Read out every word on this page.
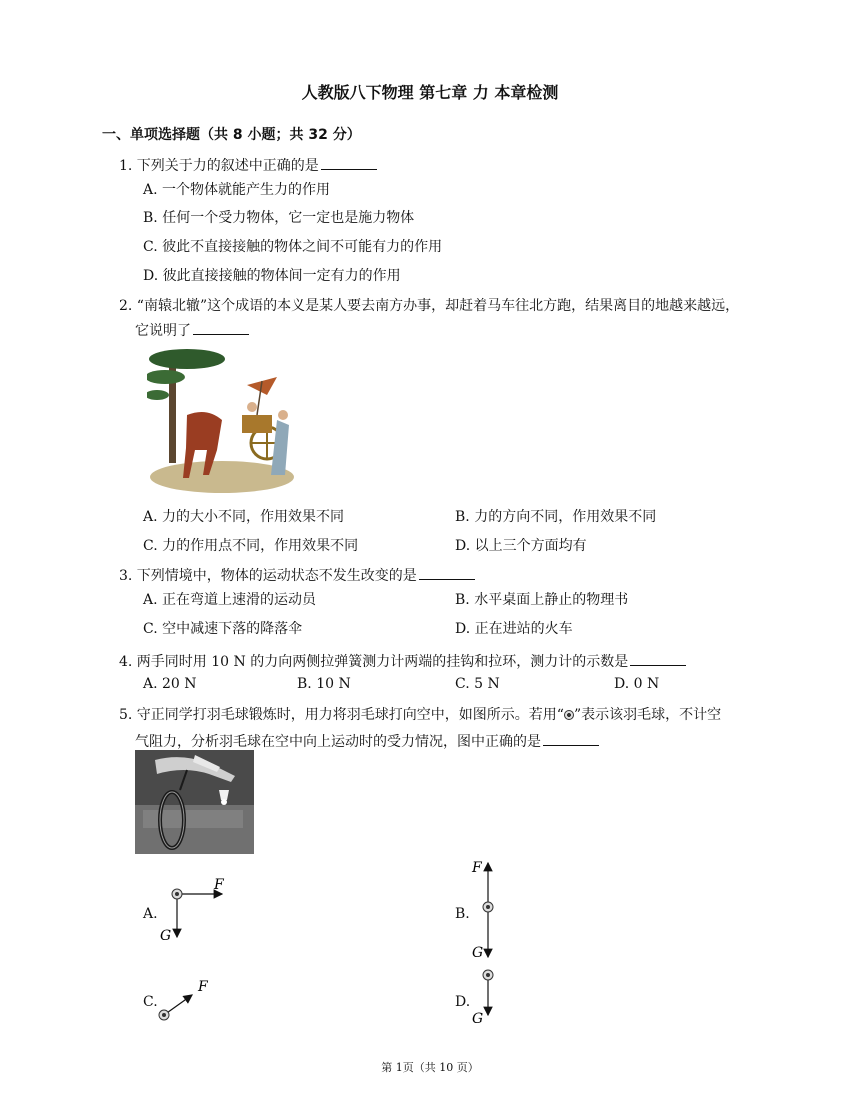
人教版八下物理 第七章 力 本章检测
一、单项选择题（共 8 小题；共 32 分）
1. 下列关于力的叙述中正确的是
A. 一个物体就能产生力的作用
B. 任何一个受力物体，它一定也是施力物体
C. 彼此不直接接触的物体之间不可能有力的作用
D. 彼此直接接触的物体间一定有力的作用
2. “南辕北辙”这个成语的本义是某人要去南方办事，却赶着马车往北方跑，结果离目的地越来越远，
它说明了
A. 力的大小不同，作用效果不同	B. 力的方向不同，作用效果不同
C. 力的作用点不同，作用效果不同	D. 以上三个方面均有
3. 下列情境中，物体的运动状态不发生改变的是
A. 正在弯道上速滑的运动员	B. 水平桌面上静止的物理书
C. 空中减速下落的降落伞	D. 正在进站的火车
4. 两手同时用 10 N 的力向两侧拉弹簧测力计两端的挂钩和拉环，测力计的示数是
A. 20 N	B. 10 N	C. 5 N	D. 0 N
5. 守正同学打羽毛球锻炼时，用力将羽毛球打向空中，如图所示。若用“ ”表示该羽毛球，不计空
气阻力，分析羽毛球在空中向上运动时的受力情况，图中正确的是
A.
F
G
B.
F
G
C.
F
D.
G
第 1页（共 10 页）
